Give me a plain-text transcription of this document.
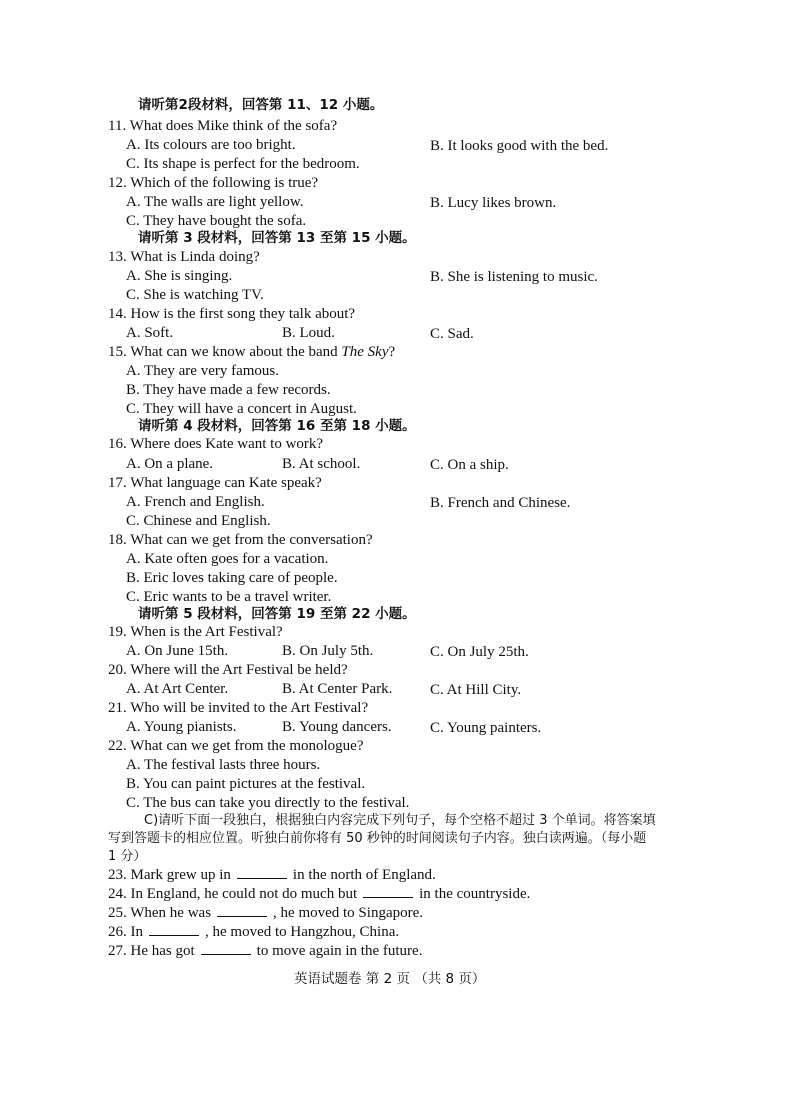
请听第2段材料，回答第 11、12 小题。
11. What does Mike think of the sofa?
A. Its colours are too bright.	B. It looks good with the bed.
C. Its shape is perfect for the bedroom.
12. Which of the following is true?
A. The walls are light yellow.	B. Lucy likes brown.
C. They have bought the sofa.
请听第 3 段材料，回答第 13 至第 15 小题。
13. What is Linda doing?
A. She is singing.	B. She is listening to music.
C. She is watching TV.
14. How is the first song they talk about?
A. Soft.	B. Loud.	C. Sad.
15. What can we know about the band The Sky?
A. They are very famous.
B. They have made a few records.
C. They will have a concert in August.
请听第 4 段材料，回答第 16 至第 18 小题。
16. Where does Kate want to work?
A. On a plane.	B. At school.	C. On a ship.
17. What language can Kate speak?
A. French and English.	B. French and Chinese.
C. Chinese and English.
18. What can we get from the conversation?
A. Kate often goes for a vacation.
B. Eric loves taking care of people.
C. Eric wants to be a travel writer.
请听第 5 段材料，回答第 19 至第 22 小题。
19. When is the Art Festival?
A. On June 15th.	B. On July 5th.	C. On July 25th.
20. Where will the Art Festival be held?
A. At Art Center.	B. At Center Park.	C. At Hill City.
21. Who will be invited to the Art Festival?
A. Young pianists.	B. Young dancers.	C. Young painters.
22. What can we get from the monologue?
A. The festival lasts three hours.
B. You can paint pictures at the festival.
C. The bus can take you directly to the festival.
C)请听下面一段独白，根据独白内容完成下列句子，每个空格不超过 3 个单词。将答案填
写到答题卡的相应位置。听独白前你将有 50 秒钟的时间阅读句子内容。独白读两遍。（每小题
1 分）
23. Mark grew up in	in the north of England.
24. In England, he could not do much but	in the countryside.
25. When he was	, he moved to Singapore.
26. In	, he moved to Hangzhou, China.
27. He has got	to move again in the future.
英语试题卷 第 2 页 （共 8 页）
